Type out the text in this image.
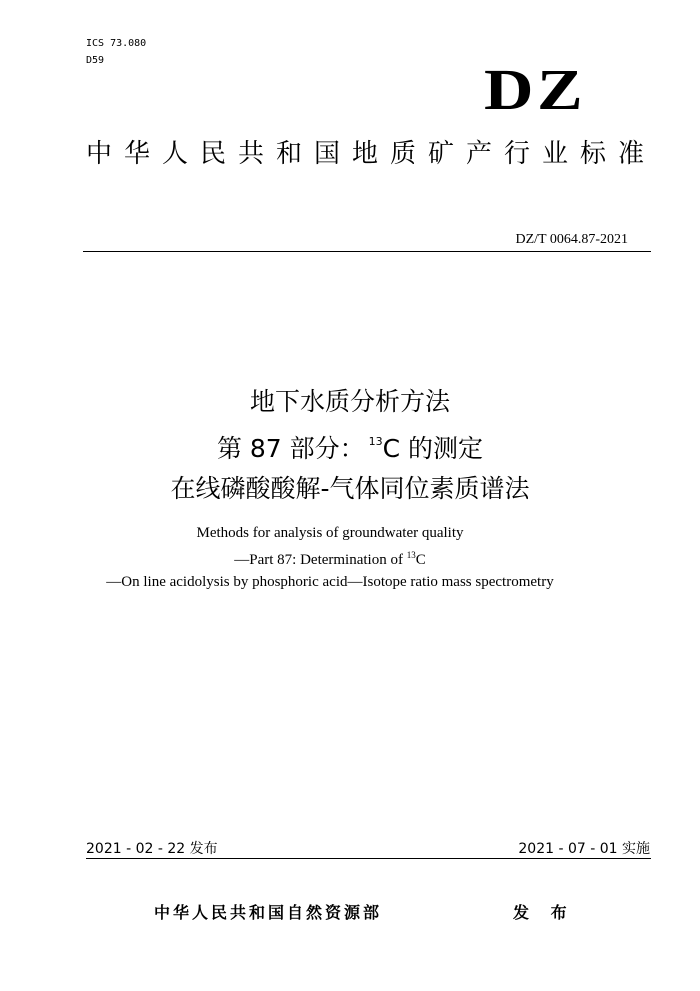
ICS 73.080
D59	DZ
中华人民共和国地质矿产行业标准
DZ/T 0064.87-2021
地下水质分析方法
第 87 部分： $^{13}$C 的测定
在线磷酸酸解-气体同位素质谱法
Methods for analysis of groundwater quality
—Part 87: Determination of $^{13}$C
—On line acidolysis by phosphoric acid—Isotope ratio mass spectrometry
2021 - 02 - 22 发布	2021 - 07 - 01 实施
中华人民共和国自然资源部	发 布
